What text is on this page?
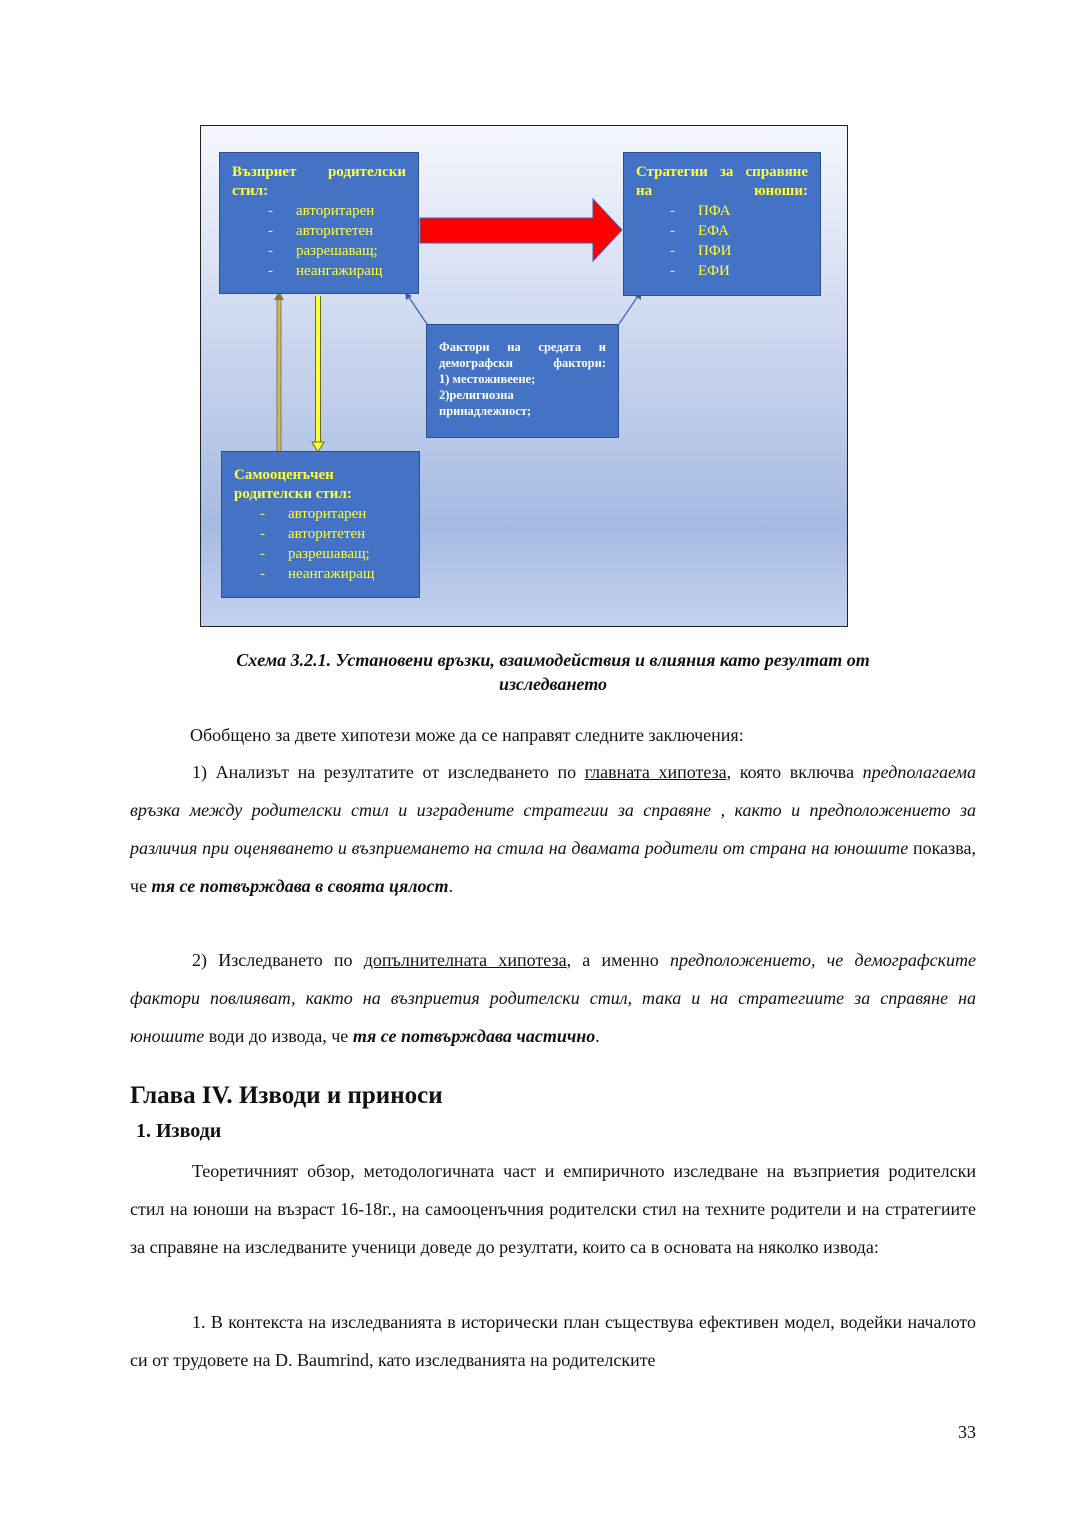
Възприет родителски стил:
- авторитарен
- авторитетен
- разрешаващ;
- неангажиращ
Стратегии за справяне на юноши:
- ПФА
- ЕФА
- ПФИ
- ЕФИ
Фактори на средата и демографски фактори:
1) местоживеене;
2)религиозна
принадлежност;
Самооценъчен родителски стил:
- авторитарен
- авторитетен
- разрешаващ;
- неангажиращ
Схема 3.2.1. Установени връзки, взаимодействия и влияния като резултат от
изследването
Обобщено за двете хипотези може да се направят следните заключения:
1) Анализът на резултатите от изследването по главната хипотеза, която включва предполагаема връзка между родителски стил и изградените стратегии за справяне , както и предположението за различия при оценяването и възприемането на стила на двамата родители от страна на юношите показва, че тя се потвърждава в своята цялост.
2) Изследването по допълнителната хипотеза, а именно предположението, че демографските фактори повлияват, както на възприетия родителски стил, така и на стратегиите за справяне на юношите води до извода, че тя се потвърждава частично.
Глава IV. Изводи и приноси
1. Изводи
Теоретичният обзор, методологичната част и емпиричното изследване на възприетия родителски стил на юноши на възраст 16-18г., на самооценъчния родителски стил на техните родители и на стратегиите за справяне на изследваните ученици доведе до резултати, които са в основата на няколко извода:
1. В контекста на изследванията в исторически план съществува ефективен модел, водейки началото си от трудовете на D. Baumrind, като изследванията на родителските
33
